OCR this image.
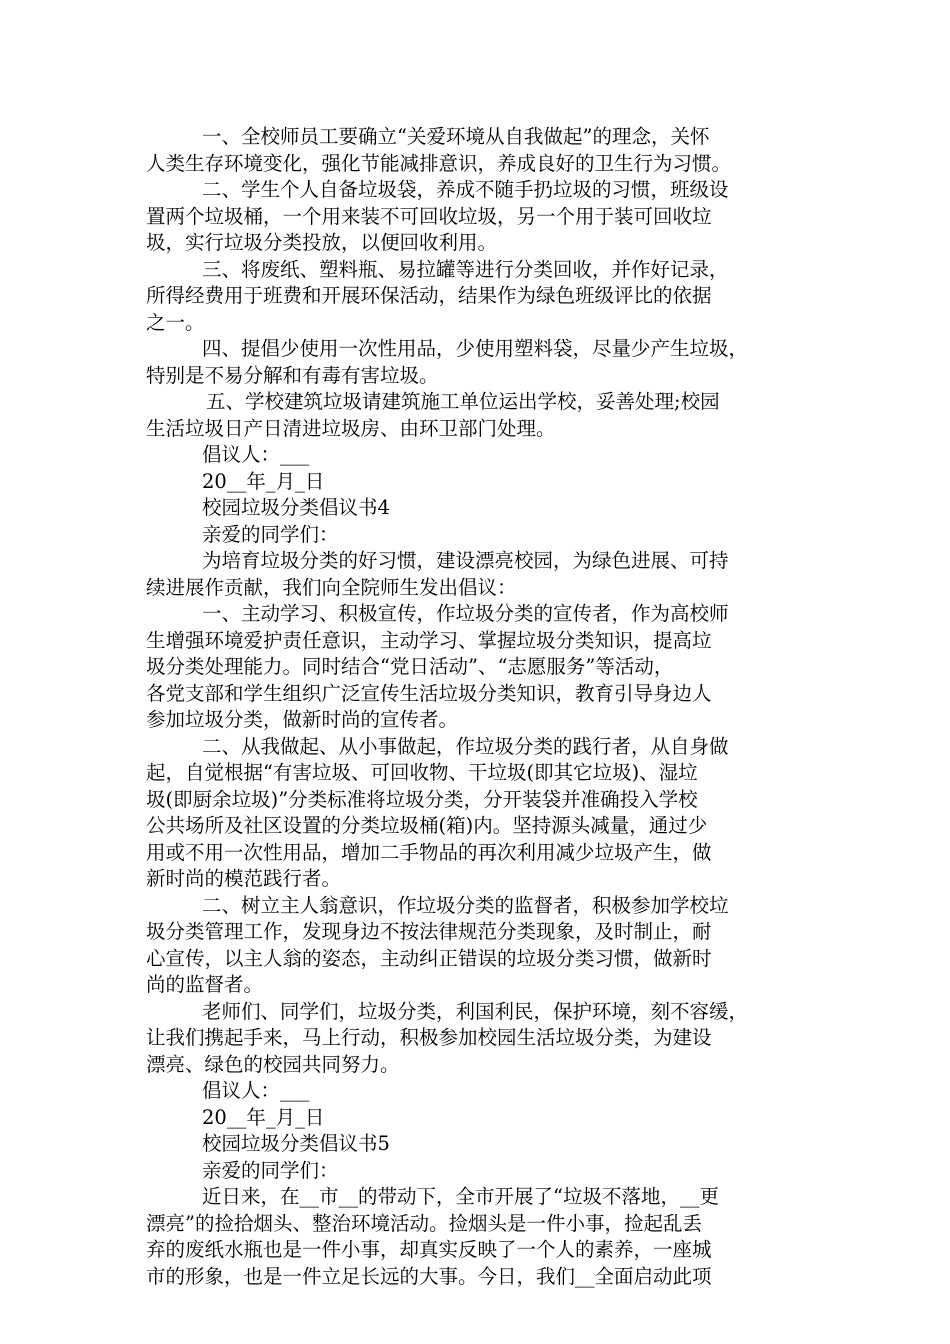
一、全校师员工要确立“关爱环境从自我做起”的理念，关怀
人类生存环境变化，强化节能减排意识，养成良好的卫生行为习惯。
二、学生个人自备垃圾袋，养成不随手扔垃圾的习惯，班级设
置两个垃圾桶，一个用来装不可回收垃圾，另一个用于装可回收垃
圾，实行垃圾分类投放，以便回收利用。
三、将废纸、塑料瓶、易拉罐等进行分类回收，并作好记录，
所得经费用于班费和开展环保活动，结果作为绿色班级评比的依据
之一。
四、提倡少使用一次性用品，少使用塑料袋，尽量少产生垃圾，
特别是不易分解和有毒有害垃圾。
五、学校建筑垃圾请建筑施工单位运出学校，妥善处理;校园
生活垃圾日产日清进垃圾房、由环卫部门处理。
倡议人：___
20__年_月_日
校园垃圾分类倡议书4
亲爱的同学们：
为培育垃圾分类的好习惯，建设漂亮校园，为绿色进展、可持
续进展作贡献，我们向全院师生发出倡议：
一、主动学习、积极宣传，作垃圾分类的宣传者，作为高校师
生增强环境爱护责任意识，主动学习、掌握垃圾分类知识，提高垃
圾分类处理能力。同时结合“党日活动”、“志愿服务”等活动，
各党支部和学生组织广泛宣传生活垃圾分类知识，教育引导身边人
参加垃圾分类，做新时尚的宣传者。
二、从我做起、从小事做起，作垃圾分类的践行者，从自身做
起，自觉根据“有害垃圾、可回收物、干垃圾(即其它垃圾)、湿垃
圾(即厨余垃圾)”分类标准将垃圾分类，分开装袋并准确投入学校
公共场所及社区设置的分类垃圾桶(箱)内。坚持源头减量，通过少
用或不用一次性用品，增加二手物品的再次利用减少垃圾产生，做
新时尚的模范践行者。
二、树立主人翁意识，作垃圾分类的监督者，积极参加学校垃
圾分类管理工作，发现身边不按法律规范分类现象，及时制止，耐
心宣传，以主人翁的姿态，主动纠正错误的垃圾分类习惯，做新时
尚的监督者。
老师们、同学们，垃圾分类，利国利民，保护环境，刻不容缓，
让我们携起手来，马上行动，积极参加校园生活垃圾分类，为建设
漂亮、绿色的校园共同努力。
倡议人：___
20__年_月_日
校园垃圾分类倡议书5
亲爱的同学们：
近日来，在__市__的带动下，全市开展了“垃圾不落地，__更
漂亮”的捡拾烟头、整治环境活动。捡烟头是一件小事，捡起乱丢
弃的废纸水瓶也是一件小事，却真实反映了一个人的素养，一座城
市的形象，也是一件立足长远的大事。今日，我们__全面启动此项
